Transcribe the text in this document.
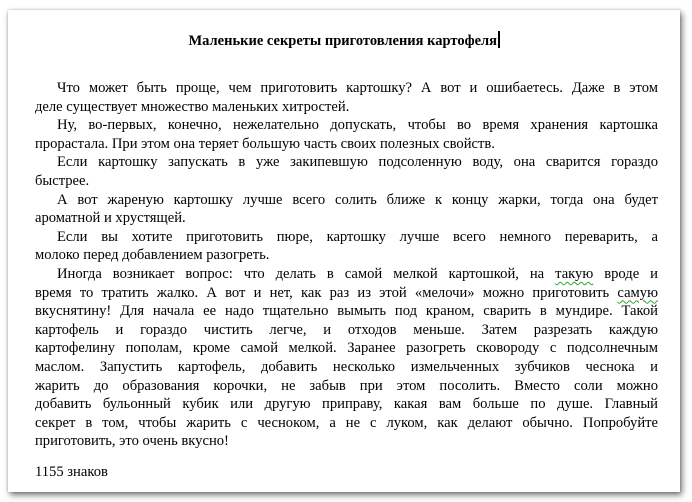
Маленькие секреты приготовления картофеля
Что может быть проще, чем приготовить картошку? А вот и ошибаетесь. Даже в этом
деле существует множество маленьких хитростей.
Ну, во-первых, конечно, нежелательно допускать, чтобы во время хранения картошка
прорастала. При этом она теряет большую часть своих полезных свойств.
Если картошку запускать в уже закипевшую подсоленную воду, она сварится гораздо
быстрее.
А вот жареную картошку лучше всего солить ближе к концу жарки, тогда она будет
ароматной и хрустящей.
Если вы хотите приготовить пюре, картошку лучше всего немного переварить, а
молоко перед добавлением разогреть.
Иногда возникает вопрос: что делать в самой мелкой картошкой, на такую вроде и
время то тратить жалко. А вот и нет, как раз из этой «мелочи» можно приготовить самую
вкуснятину! Для начала ее надо тщательно вымыть под краном, сварить в мундире. Такой
картофель и гораздо чистить легче, и отходов меньше. Затем разрезать каждую
картофелину пополам, кроме самой мелкой. Заранее разогреть сковороду с подсолнечным
маслом. Запустить картофель, добавить несколько измельченных зубчиков чеснока и
жарить до образования корочки, не забыв при этом посолить. Вместо соли можно
добавить бульонный кубик или другую приправу, какая вам больше по душе. Главный
секрет в том, чтобы жарить с чесноком, а не с луком, как делают обычно. Попробуйте
приготовить, это очень вкусно!
1155 знаков
